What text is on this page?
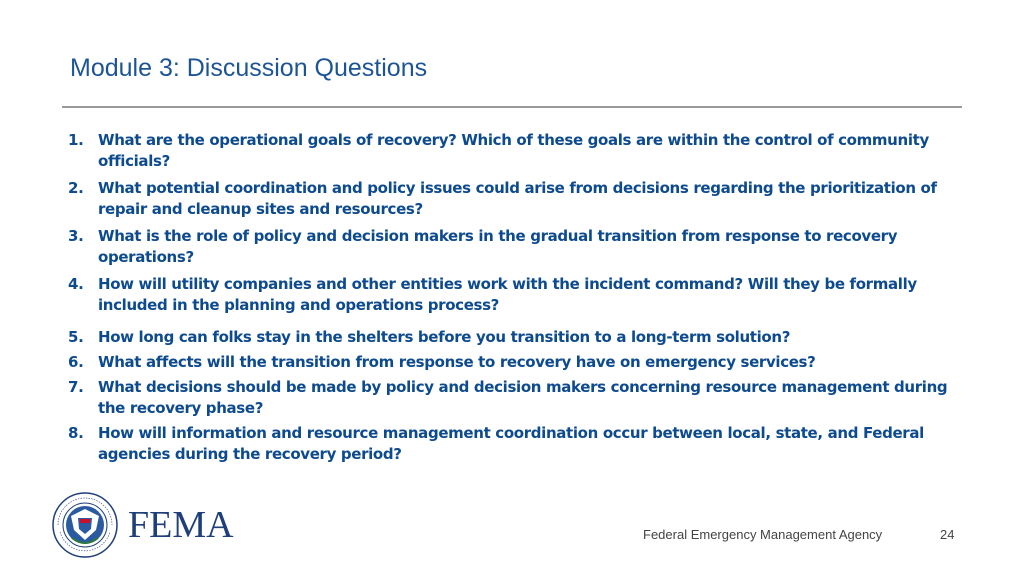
Module 3: Discussion Questions
1. What are the operational goals of recovery? Which of these goals are within the control of community officials?
2. What potential coordination and policy issues could arise from decisions regarding the prioritization of repair and cleanup sites and resources?
3. What is the role of policy and decision makers in the gradual transition from response to recovery operations?
4. How will utility companies and other entities work with the incident command? Will they be formally included in the planning and operations process?
5. How long can folks stay in the shelters before you transition to a long-term solution?
6. What affects will the transition from response to recovery have on emergency services?
7. What decisions should be made by policy and decision makers concerning resource management during the recovery phase?
8. How will information and resource management coordination occur between local, state, and Federal agencies during the recovery period?
FEMA	Federal Emergency Management Agency	24
